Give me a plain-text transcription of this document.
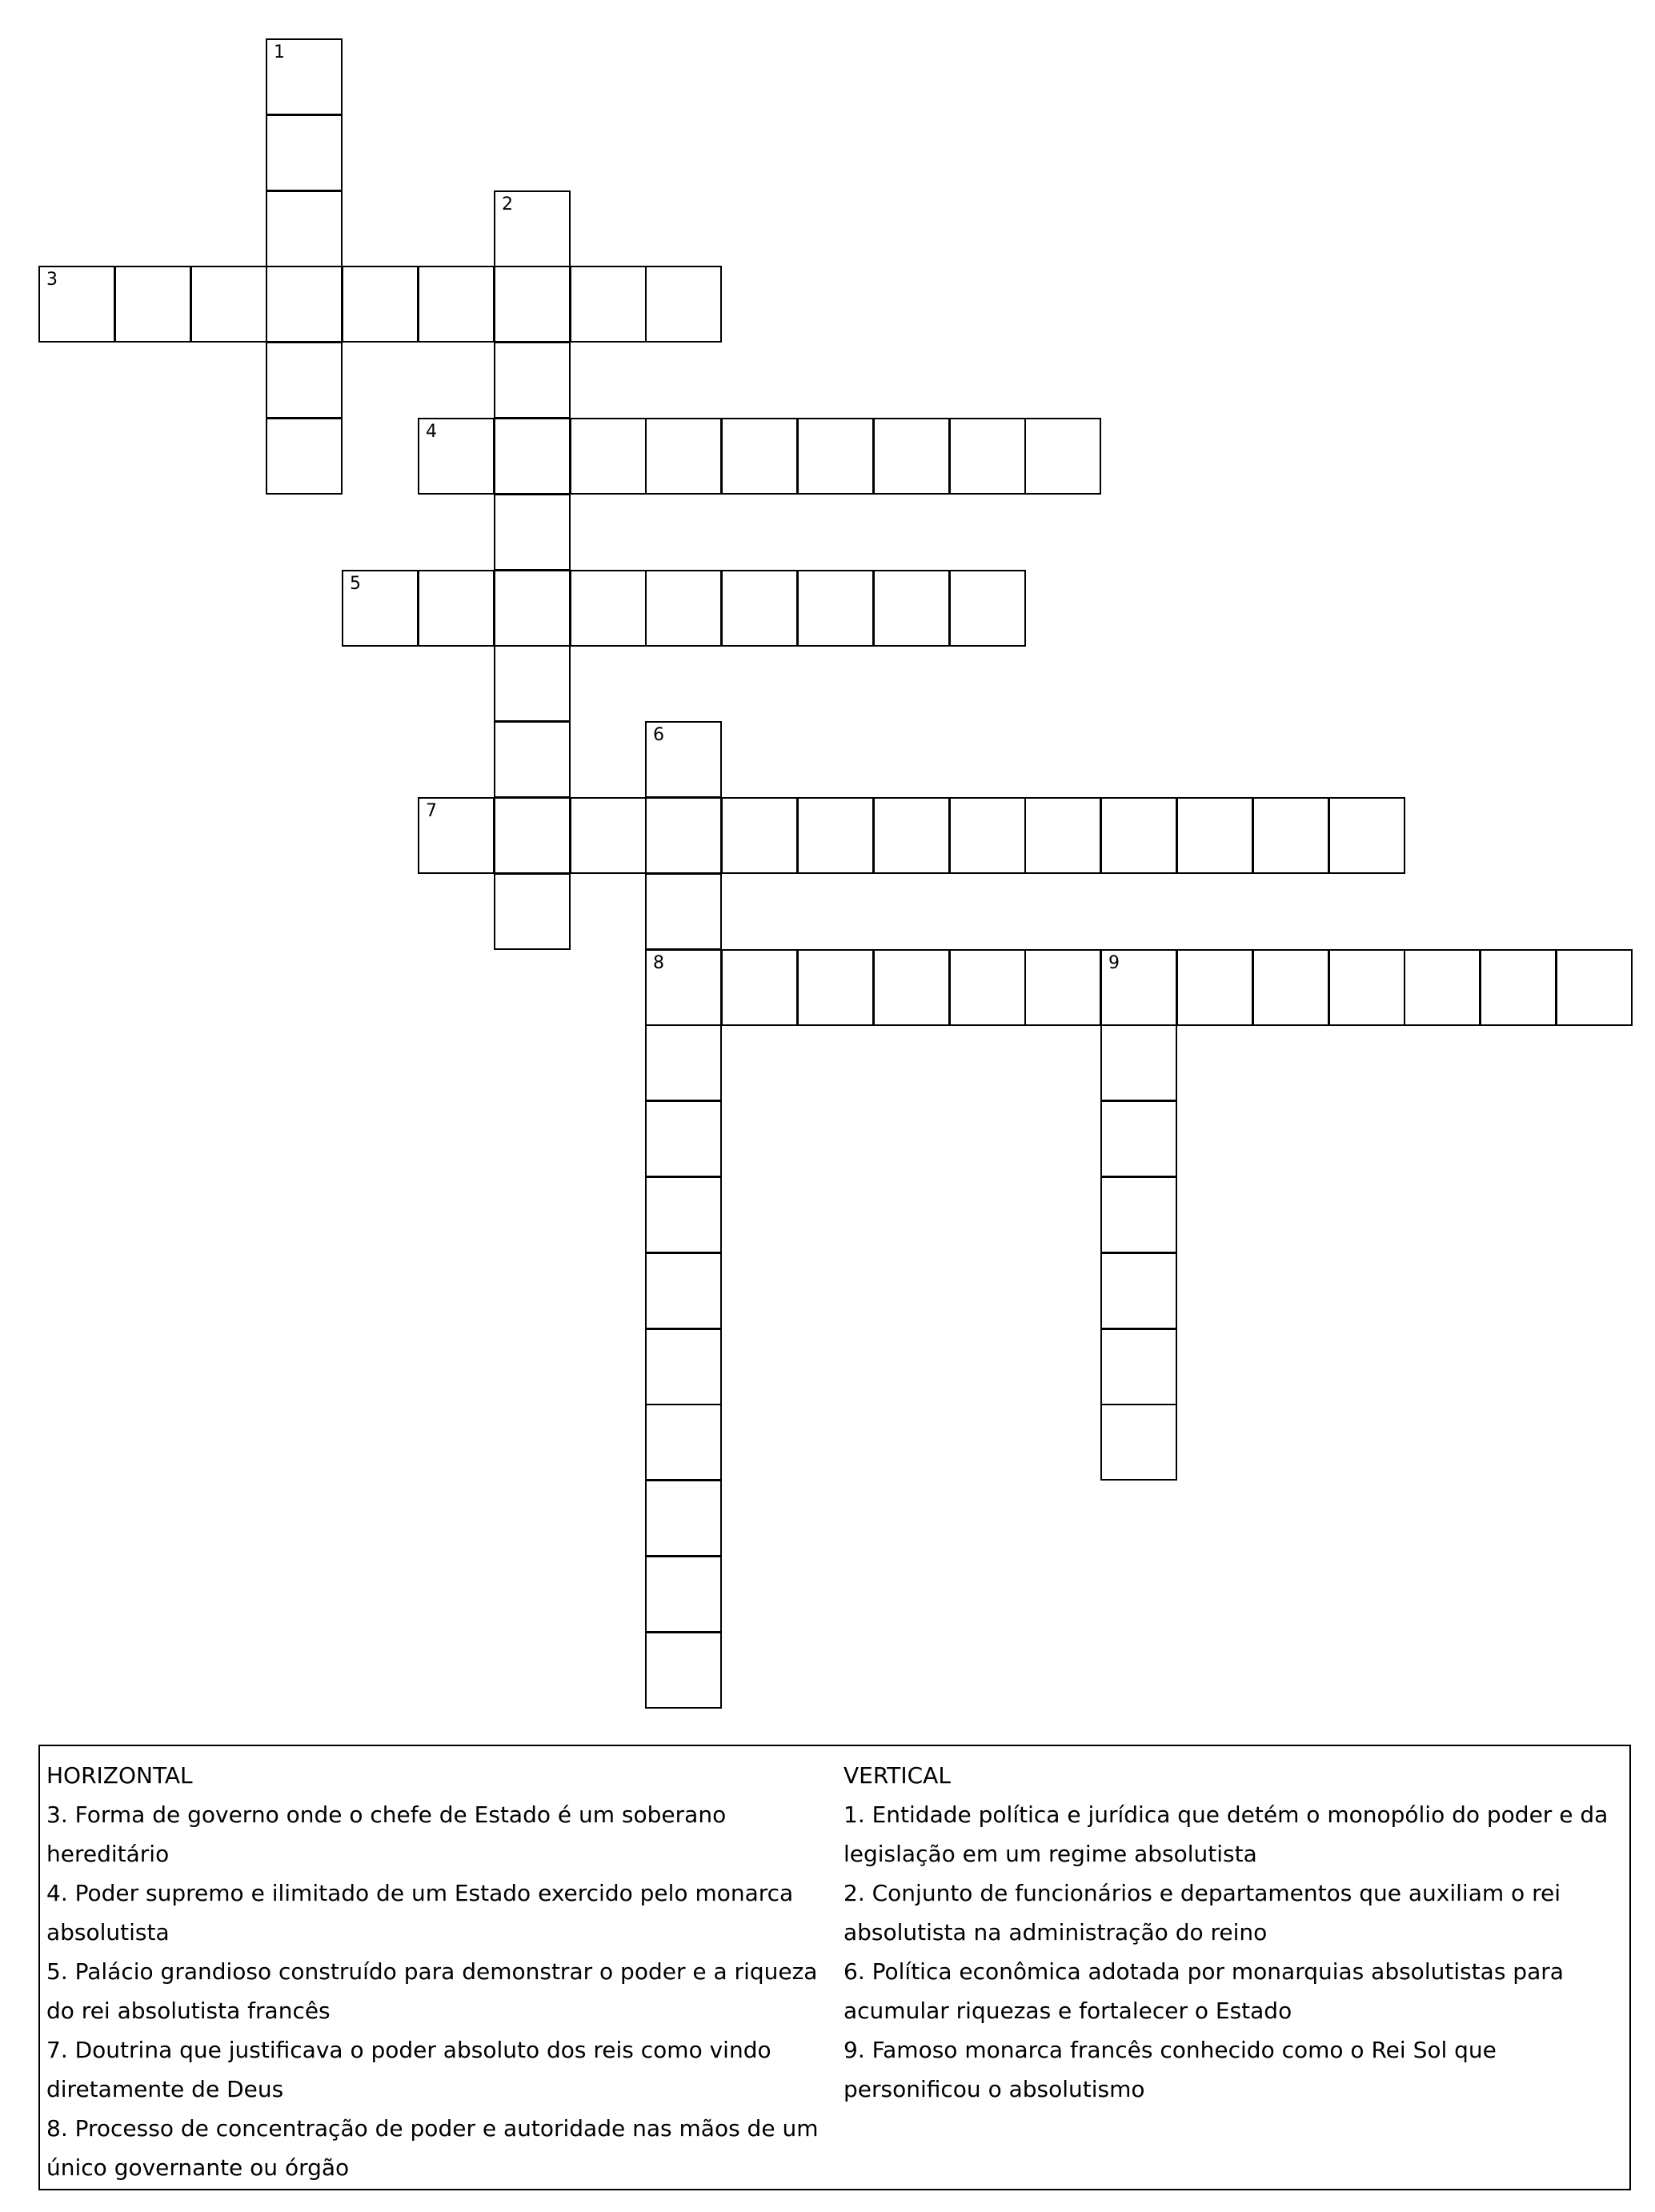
1
2
3
4
5
6
8
7
9
HORIZONTAL
3. Forma de governo onde o chefe de Estado é um soberano hereditário
4. Poder supremo e ilimitado de um Estado exercido pelo monarca absolutista
5. Palácio grandioso construído para demonstrar o poder e a riqueza do rei absolutista francês
7. Doutrina que justificava o poder absoluto dos reis como vindo diretamente de Deus
8. Processo de concentração de poder e autoridade nas mãos de um único governante ou órgão
VERTICAL
1. Entidade política e jurídica que detém o monopólio do poder e da legislação em um regime absolutista
2. Conjunto de funcionários e departamentos que auxiliam o rei absolutista na administração do reino
6. Política econômica adotada por monarquias absolutistas para acumular riquezas e fortalecer o Estado
9. Famoso monarca francês conhecido como o Rei Sol que personificou o absolutismo
